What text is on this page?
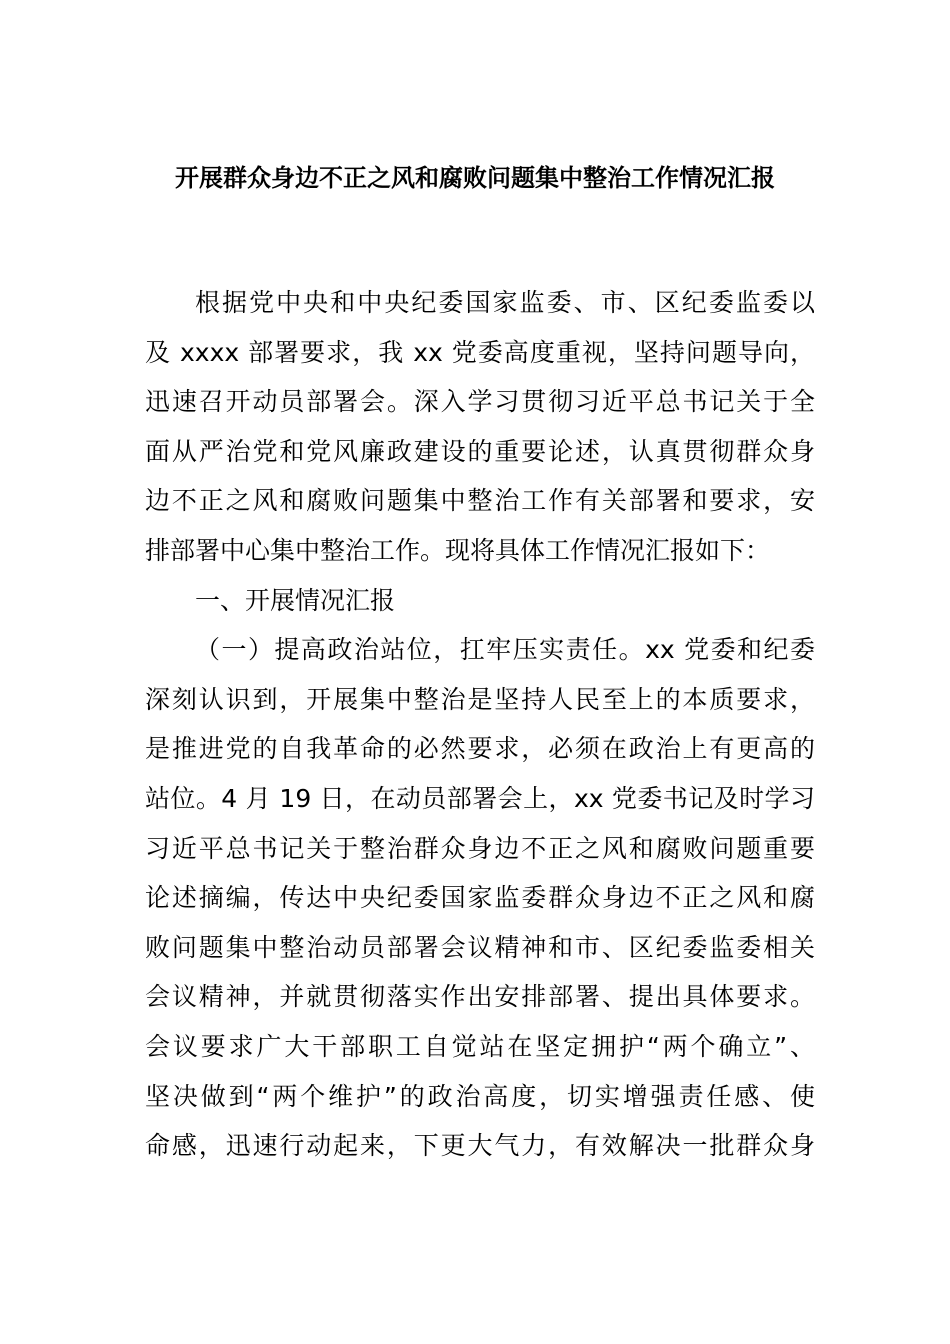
开展群众身边不正之风和腐败问题集中整治工作情况汇报
根据党中央和中央纪委国家监委、市、区纪委监委以
及 xxxx 部署要求，我 xx 党委高度重视，坚持问题导向，
迅速召开动员部署会。深入学习贯彻习近平总书记关于全
面从严治党和党风廉政建设的重要论述，认真贯彻群众身
边不正之风和腐败问题集中整治工作有关部署和要求，安
排部署中心集中整治工作。现将具体工作情况汇报如下：
一、开展情况汇报
（一）提高政治站位，扛牢压实责任。xx 党委和纪委
深刻认识到，开展集中整治是坚持人民至上的本质要求，
是推进党的自我革命的必然要求，必须在政治上有更高的
站位。4 月 19 日，在动员部署会上，xx 党委书记及时学习
习近平总书记关于整治群众身边不正之风和腐败问题重要
论述摘编，传达中央纪委国家监委群众身边不正之风和腐
败问题集中整治动员部署会议精神和市、区纪委监委相关
会议精神，并就贯彻落实作出安排部署、提出具体要求。
会议要求广大干部职工自觉站在坚定拥护“两个确立”、
坚决做到“两个维护”的政治高度，切实增强责任感、使
命感，迅速行动起来，下更大气力，有效解决一批群众身
